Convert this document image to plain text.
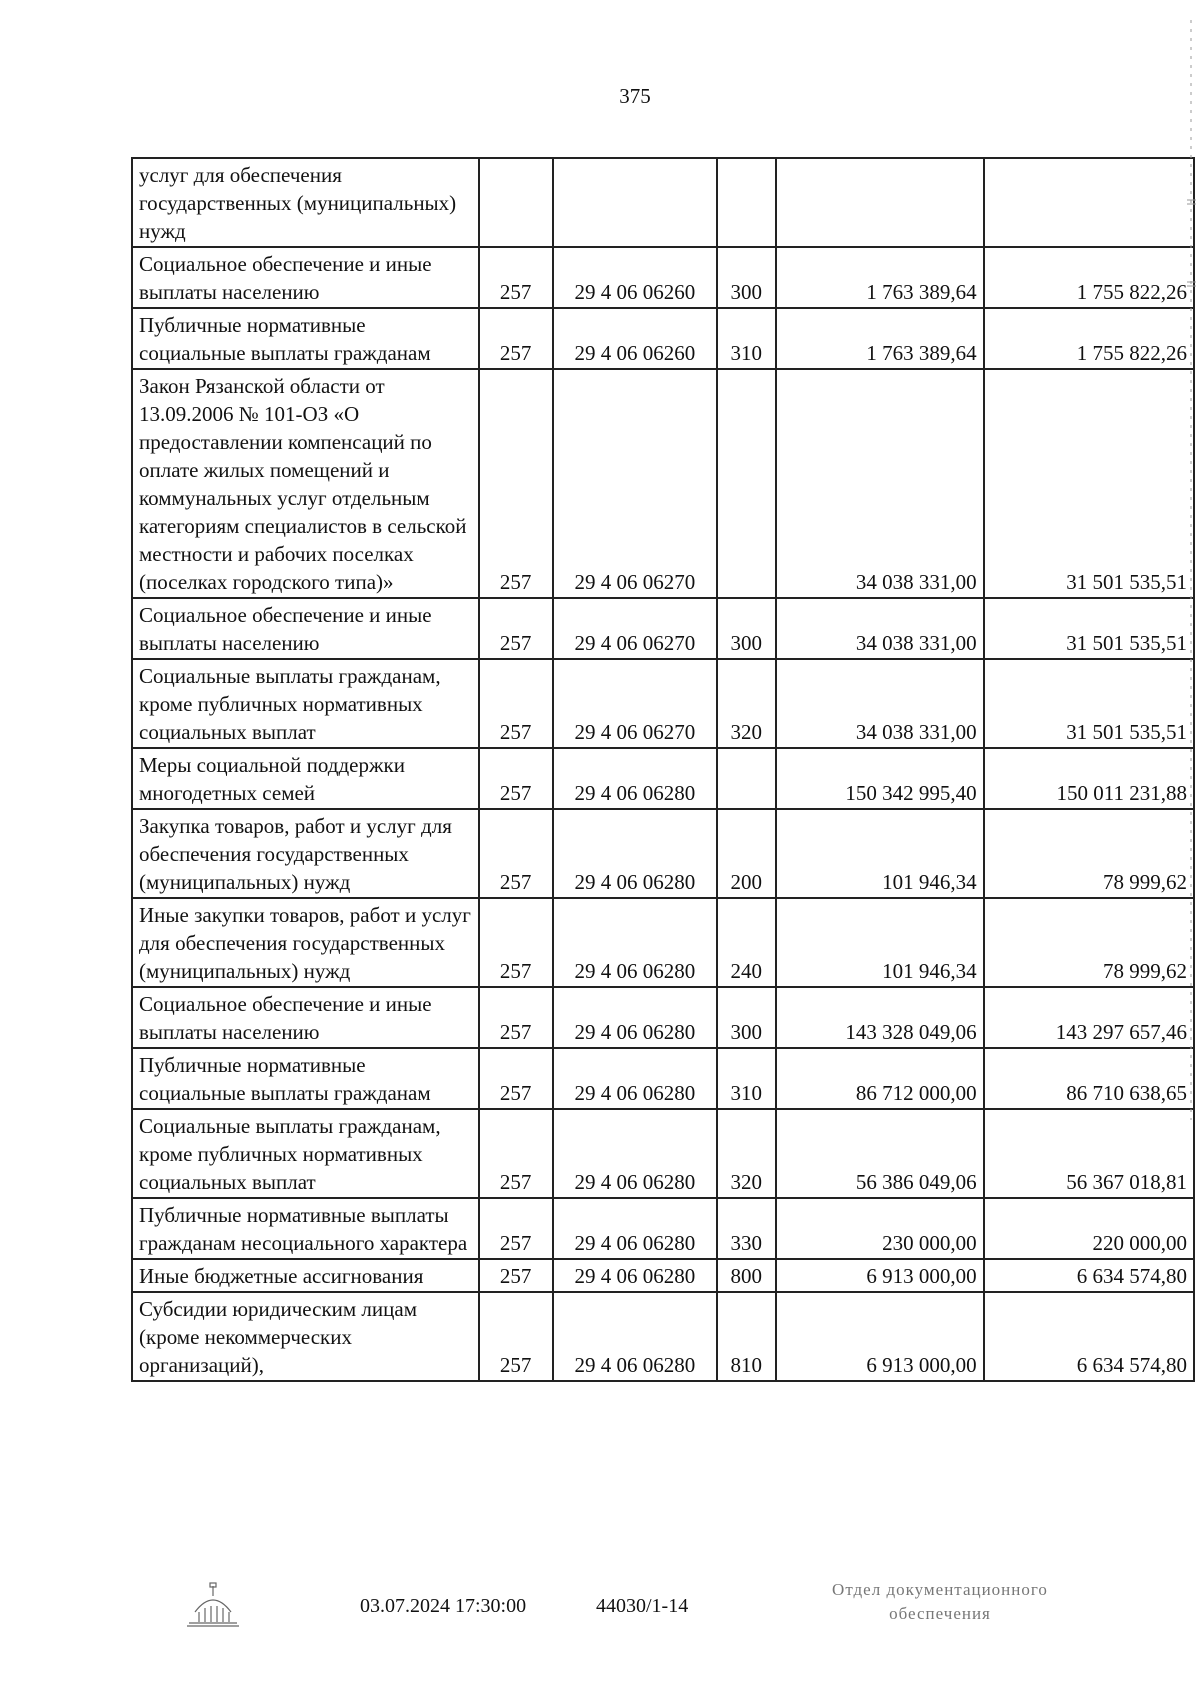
375
услуг для обеспечения государственных (муниципальных) нужд					
Социальное обеспечение и иные выплаты населению	257	29 4 06 06260	300	1 763 389,64	1 755 822,26
Публичные нормативные социальные выплаты гражданам	257	29 4 06 06260	310	1 763 389,64	1 755 822,26
Закон Рязанской области от 13.09.2006 № 101-ОЗ «О предоставлении компенсаций по оплате жилых помещений и коммунальных услуг отдельным категориям специалистов в сельской местности и рабочих поселках (поселках городского типа)»	257	29 4 06 06270		34 038 331,00	31 501 535,51
Социальное обеспечение и иные выплаты населению	257	29 4 06 06270	300	34 038 331,00	31 501 535,51
Социальные выплаты гражданам, кроме публичных нормативных социальных выплат	257	29 4 06 06270	320	34 038 331,00	31 501 535,51
Меры социальной поддержки многодетных семей	257	29 4 06 06280		150 342 995,40	150 011 231,88
Закупка товаров, работ и услуг для обеспечения государственных (муниципальных) нужд	257	29 4 06 06280	200	101 946,34	78 999,62
Иные закупки товаров, работ и услуг для обеспечения государственных (муниципальных) нужд	257	29 4 06 06280	240	101 946,34	78 999,62
Социальное обеспечение и иные выплаты населению	257	29 4 06 06280	300	143 328 049,06	143 297 657,46
Публичные нормативные социальные выплаты гражданам	257	29 4 06 06280	310	86 712 000,00	86 710 638,65
Социальные выплаты гражданам, кроме публичных нормативных социальных выплат	257	29 4 06 06280	320	56 386 049,06	56 367 018,81
Публичные нормативные выплаты гражданам несоциального характера	257	29 4 06 06280	330	230 000,00	220 000,00
Иные бюджетные ассигнования	257	29 4 06 06280	800	6 913 000,00	6 634 574,80
Субсидии юридическим лицам (кроме некоммерческих организаций),	257	29 4 06 06280	810	6 913 000,00	6 634 574,80
03.07.2024 17:30:00	44030/1-14
Отдел документационного
обеспечения
